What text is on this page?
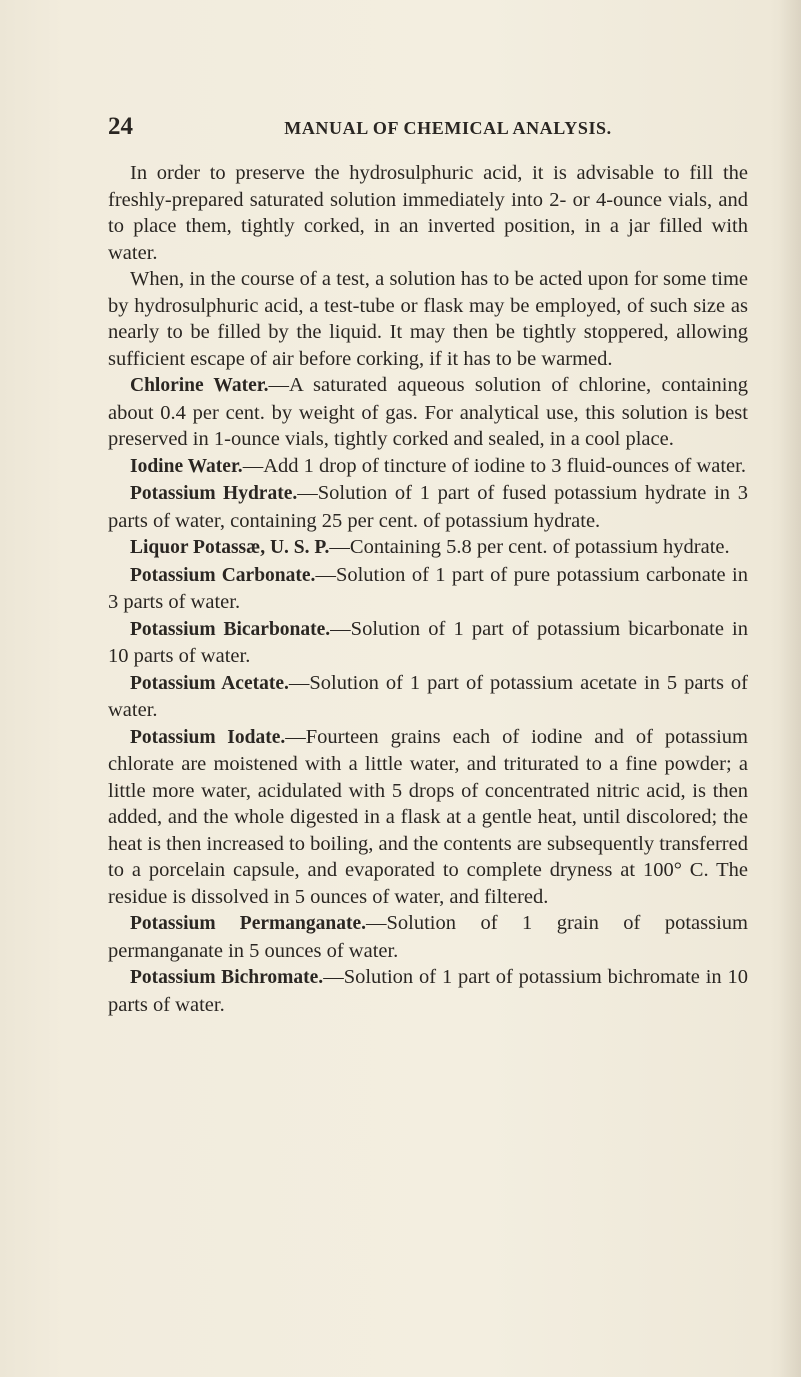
24	MANUAL OF CHEMICAL ANALYSIS.

In order to preserve the hydrosulphuric acid, it is advisable to fill the freshly-prepared saturated solution immediately into 2- or 4-ounce vials, and to place them, tightly corked, in an inverted position, in a jar filled with water.

When, in the course of a test, a solution has to be acted upon for some time by hydrosulphuric acid, a test-tube or flask may be employed, of such size as nearly to be filled by the liquid. It may then be tightly stoppered, allowing sufficient escape of air before corking, if it has to be warmed.

Chlorine Water.—A saturated aqueous solution of chlorine, containing about 0.4 per cent. by weight of gas. For analytical use, this solution is best preserved in 1-ounce vials, tightly corked and sealed, in a cool place.

Iodine Water.—Add 1 drop of tincture of iodine to 3 fluid-ounces of water.

Potassium Hydrate.—Solution of 1 part of fused potassium hydrate in 3 parts of water, containing 25 per cent. of potassium hydrate.

Liquor Potassæ, U. S. P.—Containing 5.8 per cent. of potassium hydrate.

Potassium Carbonate.—Solution of 1 part of pure potassium carbonate in 3 parts of water.

Potassium Bicarbonate.—Solution of 1 part of potassium bicarbonate in 10 parts of water.

Potassium Acetate.—Solution of 1 part of potassium acetate in 5 parts of water.

Potassium Iodate.—Fourteen grains each of iodine and of potassium chlorate are moistened with a little water, and triturated to a fine powder; a little more water, acidulated with 5 drops of concentrated nitric acid, is then added, and the whole digested in a flask at a gentle heat, until discolored; the heat is then increased to boiling, and the contents are subsequently transferred to a porcelain capsule, and evaporated to complete dryness at 100° C. The residue is dissolved in 5 ounces of water, and filtered.

Potassium Permanganate.—Solution of 1 grain of potassium permanganate in 5 ounces of water.

Potassium Bichromate.—Solution of 1 part of potassium bichromate in 10 parts of water.
